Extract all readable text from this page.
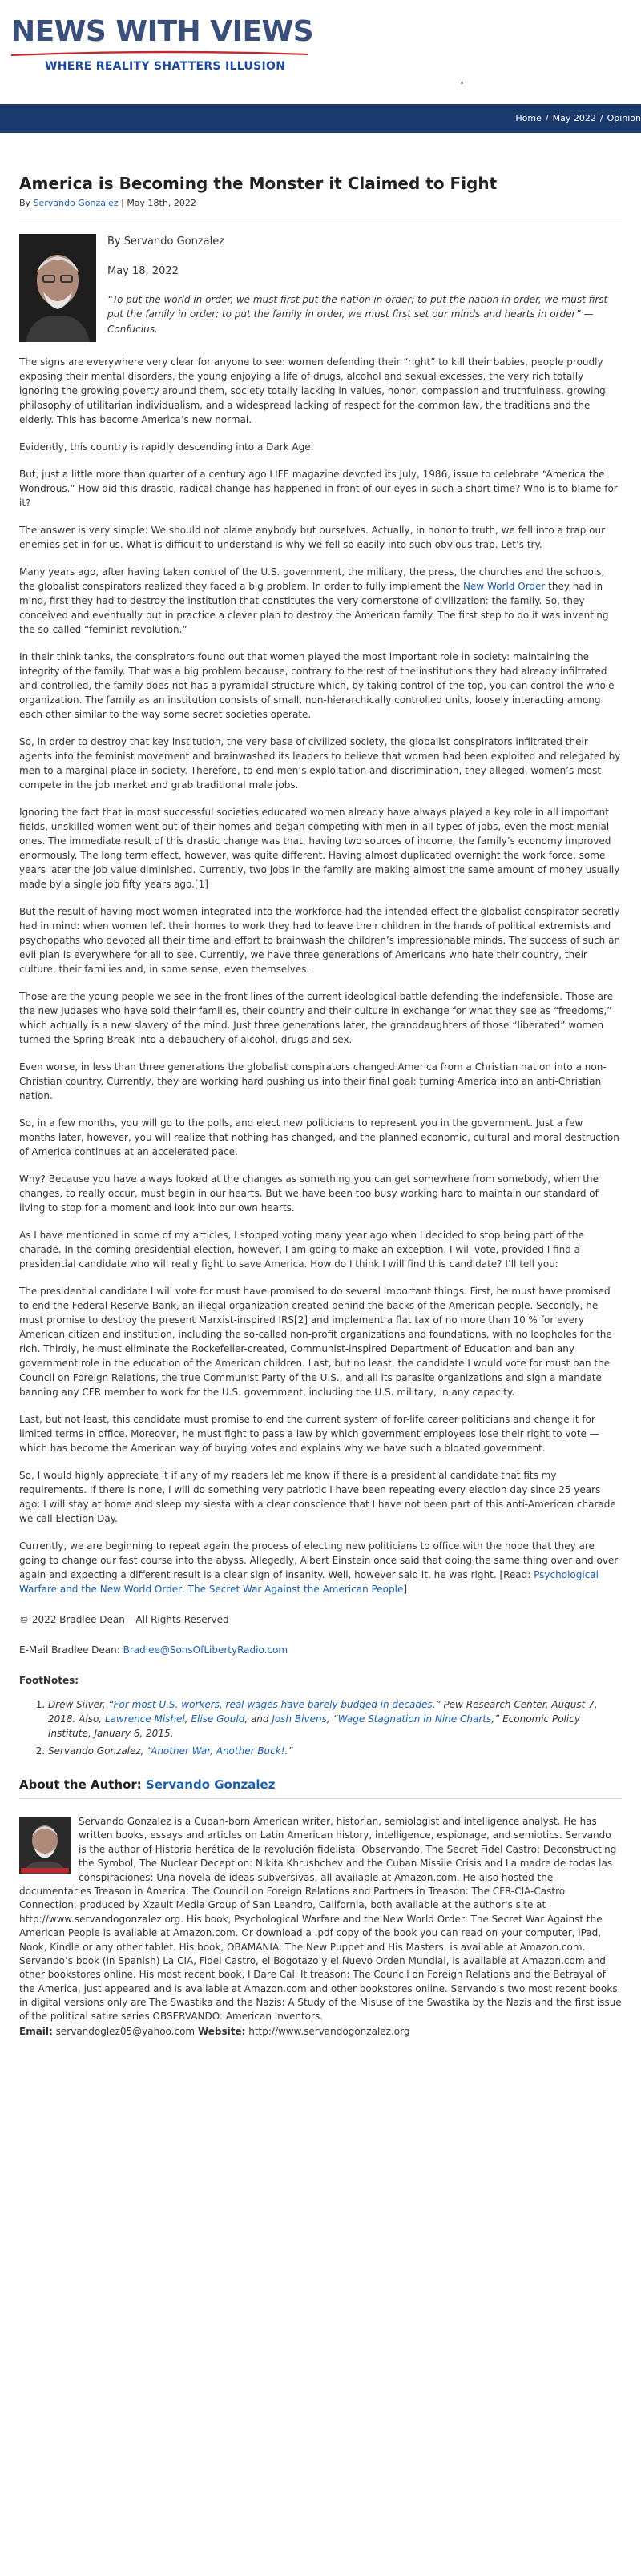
NEWS WITH VIEWS
WHERE REALITY SHATTERS ILLUSION
Home / May 2022 / Opinion
America is Becoming the Monster it Claimed to Fight
By Servando Gonzalez | May 18th, 2022

By Servando Gonzalez

May 18, 2022

“To put the world in order, we must first put the nation in order; to put the nation in order, we must first put the family in order; to put the family in order, we must first set our minds and hearts in order” —Confucius.

The signs are everywhere very clear for anyone to see: women defending their “right” to kill their babies, people proudly exposing their mental disorders, the young enjoying a life of drugs, alcohol and sexual excesses, the very rich totally ignoring the growing poverty around them, society totally lacking in values, honor, compassion and truthfulness, growing philosophy of utilitarian individualism, and a widespread lacking of respect for the common law, the traditions and the elderly. This has become America’s new normal.

Evidently, this country is rapidly descending into a Dark Age.

But, just a little more than quarter of a century ago LIFE magazine devoted its July, 1986, issue to celebrate “America the Wondrous.” How did this drastic, radical change has happened in front of our eyes in such a short time? Who is to blame for it?

The answer is very simple: We should not blame anybody but ourselves. Actually, in honor to truth, we fell into a trap our enemies set in for us. What is difficult to understand is why we fell so easily into such obvious trap. Let’s try.

Many years ago, after having taken control of the U.S. government, the military, the press, the churches and the schools, the globalist conspirators realized they faced a big problem. In order to fully implement the New World Order they had in mind, first they had to destroy the institution that constitutes the very cornerstone of civilization: the family. So, they conceived and eventually put in practice a clever plan to destroy the American family. The first step to do it was inventing the so-called “feminist revolution.”

In their think tanks, the conspirators found out that women played the most important role in society: maintaining the integrity of the family. That was a big problem because, contrary to the rest of the institutions they had already infiltrated and controlled, the family does not has a pyramidal structure which, by taking control of the top, you can control the whole organization. The family as an institution consists of small, non-hierarchically controlled units, loosely interacting among each other similar to the way some secret societies operate.

So, in order to destroy that key institution, the very base of civilized society, the globalist conspirators infiltrated their agents into the feminist movement and brainwashed its leaders to believe that women had been exploited and relegated by men to a marginal place in society. Therefore, to end men’s exploitation and discrimination, they alleged, women’s most compete in the job market and grab traditional male jobs.

Ignoring the fact that in most successful societies educated women already have always played a key role in all important fields, unskilled women went out of their homes and began competing with men in all types of jobs, even the most menial ones. The immediate result of this drastic change was that, having two sources of income, the family’s economy improved enormously. The long term effect, however, was quite different. Having almost duplicated overnight the work force, some years later the job value diminished. Currently, two jobs in the family are making almost the same amount of money usually made by a single job fifty years ago.[1]

But the result of having most women integrated into the workforce had the intended effect the globalist conspirator secretly had in mind: when women left their homes to work they had to leave their children in the hands of political extremists and psychopaths who devoted all their time and effort to brainwash the children’s impressionable minds. The success of such an evil plan is everywhere for all to see. Currently, we have three generations of Americans who hate their country, their culture, their families and, in some sense, even themselves.

Those are the young people we see in the front lines of the current ideological battle defending the indefensible. Those are the new Judases who have sold their families, their country and their culture in exchange for what they see as “freedoms,” which actually is a new slavery of the mind. Just three generations later, the granddaughters of those “liberated” women turned the Spring Break into a debauchery of alcohol, drugs and sex.

Even worse, in less than three generations the globalist conspirators changed America from a Christian nation into a non-Christian country. Currently, they are working hard pushing us into their final goal: turning America into an anti-Christian nation.

So, in a few months, you will go to the polls, and elect new politicians to represent you in the government. Just a few months later, however, you will realize that nothing has changed, and the planned economic, cultural and moral destruction of America continues at an accelerated pace.

Why? Because you have always looked at the changes as something you can get somewhere from somebody, when the changes, to really occur, must begin in our hearts. But we have been too busy working hard to maintain our standard of living to stop for a moment and look into our own hearts.

As I have mentioned in some of my articles, I stopped voting many year ago when I decided to stop being part of the charade. In the coming presidential election, however, I am going to make an exception. I will vote, provided I find a presidential candidate who will really fight to save America. How do I think I will find this candidate? I’ll tell you:

The presidential candidate I will vote for must have promised to do several important things. First, he must have promised to end the Federal Reserve Bank, an illegal organization created behind the backs of the American people. Secondly, he must promise to destroy the present Marxist-inspired IRS[2] and implement a flat tax of no more than 10 % for every American citizen and institution, including the so-called non-profit organizations and foundations, with no loopholes for the rich. Thirdly, he must eliminate the Rockefeller-created, Communist-inspired Department of Education and ban any government role in the education of the American children. Last, but no least, the candidate I would vote for must ban the Council on Foreign Relations, the true Communist Party of the U.S., and all its parasite organizations and sign a mandate banning any CFR member to work for the U.S. government, including the U.S. military, in any capacity.

Last, but not least, this candidate must promise to end the current system of for-life career politicians and change it for limited terms in office. Moreover, he must fight to pass a law by which government employees lose their right to vote —which has become the American way of buying votes and explains why we have such a bloated government.

So, I would highly appreciate it if any of my readers let me know if there is a presidential candidate that fits my requirements. If there is none, I will do something very patriotic I have been repeating every election day since 25 years ago: I will stay at home and sleep my siesta with a clear conscience that I have not been part of this anti-American charade we call Election Day.

Currently, we are beginning to repeat again the process of electing new politicians to office with the hope that they are going to change our fast course into the abyss. Allegedly, Albert Einstein once said that doing the same thing over and over again and expecting a different result is a clear sign of insanity. Well, however said it, he was right. [Read: Psychological Warfare and the New World Order: The Secret War Against the American People]

© 2022 Bradlee Dean – All Rights Reserved

E-Mail Bradlee Dean: Bradlee@SonsOfLibertyRadio.com

FootNotes:

1. Drew Silver, “For most U.S. workers, real wages have barely budged in decades,” Pew Research Center, August 7, 2018. Also, Lawrence Mishel, Elise Gould, and Josh Bivens, “Wage Stagnation in Nine Charts,” Economic Policy Institute, January 6, 2015.
2. Servando Gonzalez, “Another War, Another Buck!.”
About the Author: Servando Gonzalez

Servando Gonzalez is a Cuban-born American writer, historian, semiologist and intelligence analyst. He has written books, essays and articles on Latin American history, intelligence, espionage, and semiotics. Servando is the author of Historia herética de la revolución fidelista, Observando, The Secret Fidel Castro: Deconstructing the Symbol, The Nuclear Deception: Nikita Khrushchev and the Cuban Missile Crisis and La madre de todas las conspiraciones: Una novela de ideas subversivas, all available at Amazon.com. He also hosted the documentaries Treason in America: The Council on Foreign Relations and Partners in Treason: The CFR-CIA-Castro Connection, produced by Xzault Media Group of San Leandro, California, both available at the author's site at http://www.servandogonzalez.org. His book, Psychological Warfare and the New World Order: The Secret War Against the American People is available at Amazon.com. Or download a .pdf copy of the book you can read on your computer, iPad, Nook, Kindle or any other tablet. His book, OBAMANIA: The New Puppet and His Masters, is available at Amazon.com. Servando’s book (in Spanish) La CIA, Fidel Castro, el Bogotazo y el Nuevo Orden Mundial, is available at Amazon.com and other bookstores online. His most recent book, I Dare Call It treason: The Council on Foreign Relations and the Betrayal of the America, just appeared and is available at Amazon.com and other bookstores online. Servando’s two most recent books in digital versions only are The Swastika and the Nazis: A Study of the Misuse of the Swastika by the Nazis and the first issue of the political satire series OBSERVANDO: American Inventors.

Email: servandoglez05@yahoo.com Website: http://www.servandogonzalez.org
